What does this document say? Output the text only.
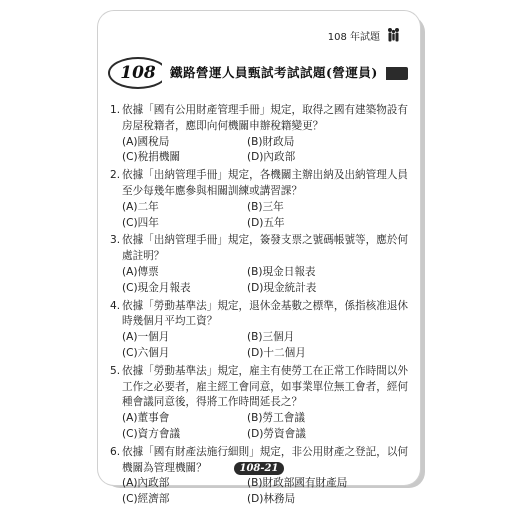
108 年試題
108	鐵路營運人員甄試考試試題(營運員)
1. 依據「國有公用財產管理手冊」規定，取得之國有建築物設有房屋稅籍者，應即向何機關申辦稅籍變更？
(A)國稅局	(B)財政局
(C)稅捐機關	(D)內政部
2. 依據「出納管理手冊」規定，各機關主辦出納及出納管理人員至少每幾年應參與相關訓練或講習課？
(A)二年	(B)三年
(C)四年	(D)五年
3. 依據「出納管理手冊」規定，簽發支票之號碼帳號等，應於何處註明？
(A)傳票	(B)現金日報表
(C)現金月報表	(D)現金統計表
4. 依據「勞動基準法」規定，退休金基數之標準，係指核准退休時幾個月平均工資？
(A)一個月	(B)三個月
(C)六個月	(D)十二個月
5. 依據「勞動基準法」規定，雇主有使勞工在正常工作時間以外工作之必要者，雇主經工會同意，如事業單位無工會者，經何種會議同意後，得將工作時間延長之？
(A)董事會	(B)勞工會議
(C)資方會議	(D)勞資會議
6. 依據「國有財產法施行細則」規定，非公用財產之登記，以何機關為管理機關？
(A)內政部	(B)財政部國有財產局
(C)經濟部	(D)林務局
108-21
